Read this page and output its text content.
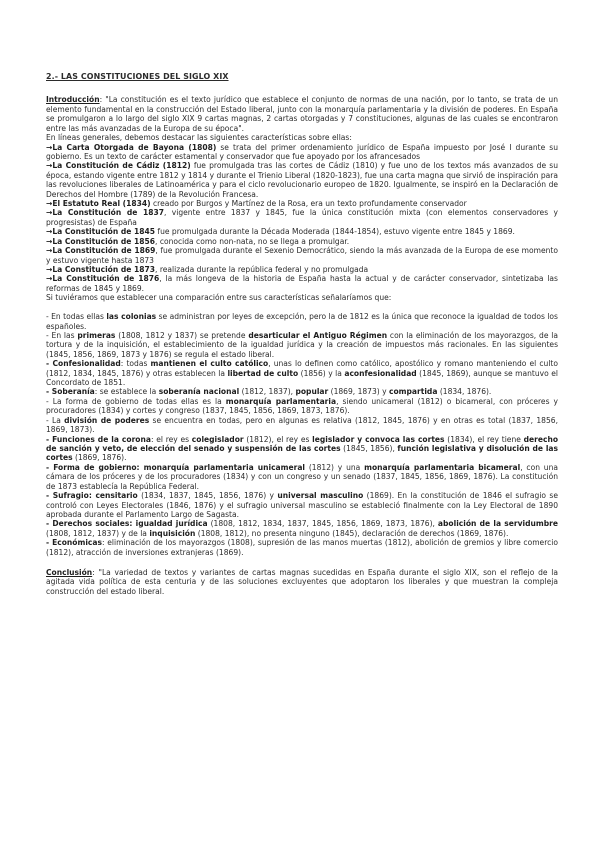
2.- LAS CONSTITUCIONES DEL SIGLO XIX

Introducción: "La constitución es el texto jurídico que establece el conjunto de normas de una nación, por lo tanto, se trata de un elemento fundamental en la construcción del Estado liberal, junto con la monarquía parlamentaria y la división de poderes. En España se promulgaron a lo largo del siglo XIX 9 cartas magnas, 2 cartas otorgadas y 7 constituciones, algunas de las cuales se encontraron entre las más avanzadas de la Europa de su época".

En líneas generales, debemos destacar las siguientes características sobre ellas:

→La Carta Otorgada de Bayona (1808) se trata del primer ordenamiento jurídico de España impuesto por José I durante su gobierno. Es un texto de carácter estamental y conservador que fue apoyado por los afrancesados

→La Constitución de Cádiz (1812) fue promulgada tras las cortes de Cádiz (1810) y fue uno de los textos más avanzados de su época, estando vigente entre 1812 y 1814 y durante el Trienio Liberal (1820-1823), fue una carta magna que sirvió de inspiración para las revoluciones liberales de Latinoamérica y para el ciclo revolucionario europeo de 1820. Igualmente, se inspiró en la Declaración de Derechos del Hombre (1789) de la Revolución Francesa.

→El Estatuto Real (1834) creado por Burgos y Martínez de la Rosa, era un texto profundamente conservador

→La Constitución de 1837, vigente entre 1837 y 1845, fue la única constitución mixta (con elementos conservadores y progresistas) de España

→La Constitución de 1845 fue promulgada durante la Década Moderada (1844-1854), estuvo vigente entre 1845 y 1869.

→La Constitución de 1856, conocida como non-nata, no se llega a promulgar.

→La Constitución de 1869, fue promulgada durante el Sexenio Democrático, siendo la más avanzada de la Europa de ese momento y estuvo vigente hasta 1873

→La Constitución de 1873, realizada durante la república federal y no promulgada

→La Constitución de 1876, la más longeva de la historia de España hasta la actual y de carácter conservador, sintetizaba las reformas de 1845 y 1869.

Si tuviéramos que establecer una comparación entre sus características señalaríamos que:

- En todas ellas las colonias se administran por leyes de excepción, pero la de 1812 es la única que reconoce la igualdad de todos los españoles.

- En las primeras (1808, 1812 y 1837) se pretende desarticular el Antiguo Régimen con la eliminación de los mayorazgos, de la tortura y de la inquisición, el establecimiento de la igualdad jurídica y la creación de impuestos más racionales. En las siguientes (1845, 1856, 1869, 1873 y 1876) se regula el estado liberal.

- Confesionalidad: todas mantienen el culto católico, unas lo definen como católico, apostólico y romano manteniendo el culto (1812, 1834, 1845, 1876) y otras establecen la libertad de culto (1856) y la aconfesionalidad (1845, 1869), aunque se mantuvo el Concordato de 1851.

- Soberanía: se establece la soberanía nacional (1812, 1837), popular (1869, 1873) y compartida (1834, 1876).

- La forma de gobierno de todas ellas es la monarquía parlamentaria, siendo unicameral (1812) o bicameral, con próceres y procuradores (1834) y cortes y congreso (1837, 1845, 1856, 1869, 1873, 1876).

- La división de poderes se encuentra en todas, pero en algunas es relativa (1812, 1845, 1876) y en otras es total (1837, 1856, 1869, 1873).

- Funciones de la corona: el rey es colegislador (1812), el rey es legislador y convoca las cortes (1834), el rey tiene derecho de sanción y veto, de elección del senado y suspensión de las cortes (1845, 1856), función legislativa y disolución de las cortes (1869, 1876).

- Forma de gobierno: monarquía parlamentaria unicameral (1812) y una monarquía parlamentaria bicameral, con una cámara de los próceres y de los procuradores (1834) y con un congreso y un senado (1837, 1845, 1856, 1869, 1876). La constitución de 1873 establecía la República Federal.

- Sufragio: censitario (1834, 1837, 1845, 1856, 1876) y universal masculino (1869). En la constitución de 1846 el sufragio se controló con Leyes Electorales (1846, 1876) y el sufragio universal masculino se estableció finalmente con la Ley Electoral de 1890 aprobada durante el Parlamento Largo de Sagasta.

- Derechos sociales: igualdad jurídica (1808, 1812, 1834, 1837, 1845, 1856, 1869, 1873, 1876), abolición de la servidumbre (1808, 1812, 1837) y de la inquisición (1808, 1812), no presenta ninguno (1845), declaración de derechos (1869, 1876).

- Económicas: eliminación de los mayorazgos (1808), supresión de las manos muertas (1812), abolición de gremios y libre comercio (1812), atracción de inversiones extranjeras (1869).

Conclusión: "La variedad de textos y variantes de cartas magnas sucedidas en España durante el siglo XIX, son el reflejo de la agitada vida política de esta centuria y de las soluciones excluyentes que adoptaron los liberales y que muestran la compleja construcción del estado liberal.
